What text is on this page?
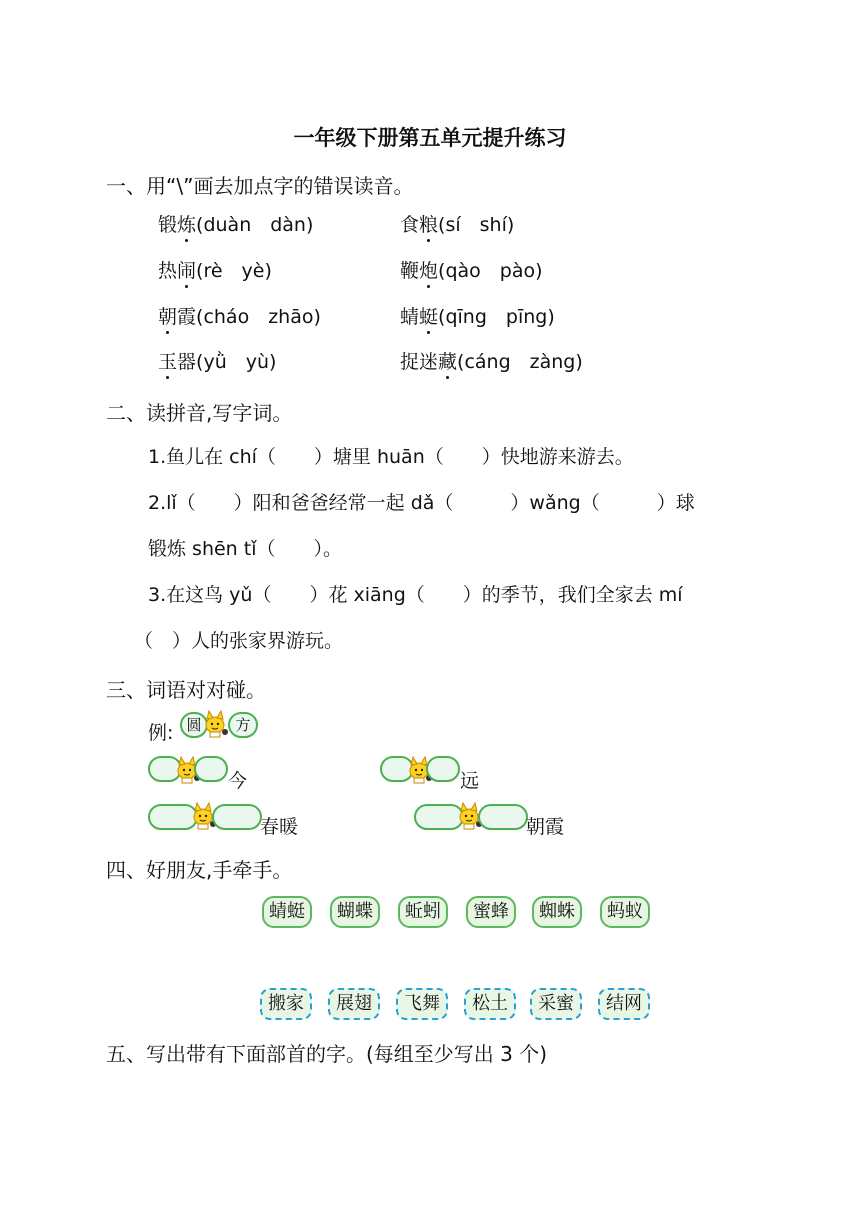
一年级下册第五单元提升练习
一、用“\”画去加点字的错误读音。
锻炼(duàn　dàn)	食粮(sí　shí)
热闹(rè　yè)	鞭炮(qào　pào)
朝霞(cháo　zhāo)	蜻蜓(qīng　pīng)
玉器(yǜ　yù)	捉迷藏(cáng　zàng)
二、读拼音,写字词。
1.鱼儿在 chí（　　）塘里 huān（　　）快地游来游去。
2.lǐ（　　）阳和爸爸经常一起 dǎ（　　　）wǎng（　　　）球
锻炼 shēn tǐ（　　）。
3.在这鸟 yǔ（　　）花 xiāng（　　）的季节，我们全家去 mí
（　）人的张家界游玩。
三、词语对对碰。
例: 圆	方
今	远
春暖	朝霞
四、好朋友,手牵手。
蜻蜓	蝴蝶	蚯蚓	蜜蜂	蜘蛛	蚂蚁
搬家	展翅	飞舞	松土	采蜜	结网
五、写出带有下面部首的字。(每组至少写出 3 个)
